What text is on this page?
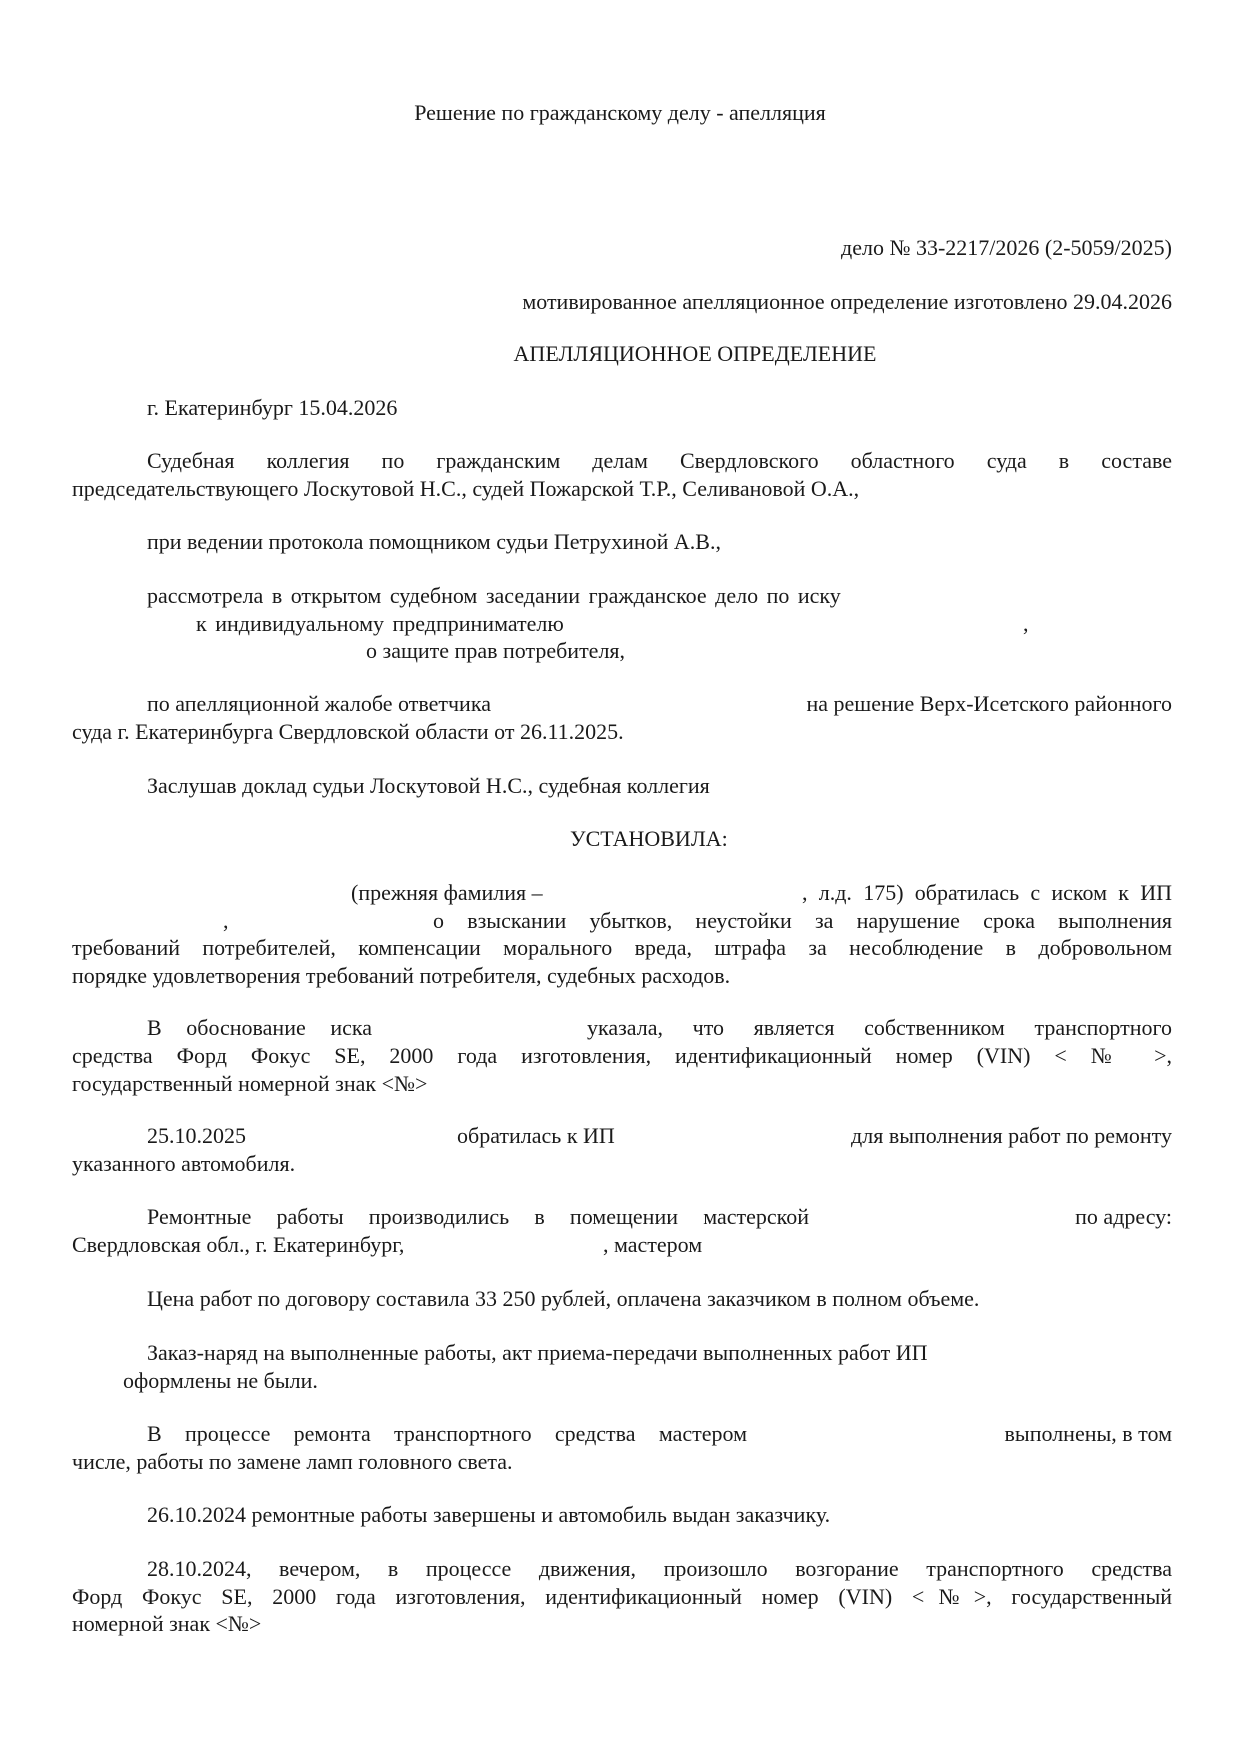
Решение по гражданскому делу - апелляция
дело № 33-2217/2026 (2-5059/2025)
мотивированное апелляционное определение изготовлено 29.04.2026
АПЕЛЛЯЦИОННОЕ ОПРЕДЕЛЕНИЕ
г. Екатеринбург 15.04.2026
Судебная коллегия по гражданским делам Свердловского областного суда в составе
председательствующего Лоскутовой Н.С., судей Пожарской Т.Р., Селивановой О.А.,
при ведении протокола помощником судьи Петрухиной А.В.,
рассмотрела в открытом судебном заседании гражданское дело по иску
к индивидуальному предпринимателю	,
о защите прав потребителя,
по апелляционной жалобе ответчика	на решение Верх-Исетского районного
суда г. Екатеринбурга Свердловской области от 26.11.2025.
Заслушав доклад судьи Лоскутовой Н.С., судебная коллегия
УСТАНОВИЛА:
(прежняя фамилия –	, л.д. 175) обратилась с иском к ИП
,	о взыскании убытков, неустойки за нарушение срока выполнения
требований потребителей, компенсации морального вреда, штрафа за несоблюдение в добровольном
порядке удовлетворения требований потребителя, судебных расходов.
В обоснование иска	указала, что является собственником транспортного
средства Форд Фокус SE, 2000 года изготовления, идентификационный номер (VIN) < № >,
государственный номерной знак <№>
25.10.2025	обратилась к ИП	для выполнения работ по ремонту
указанного автомобиля.
Ремонтные работы производились в помещении мастерской	по адресу:
Свердловская обл., г. Екатеринбург,	, мастером
Цена работ по договору составила 33 250 рублей, оплачена заказчиком в полном объеме.
Заказ-наряд на выполненные работы, акт приема-передачи выполненных работ ИП
оформлены не были.
В процессе ремонта транспортного средства мастером	выполнены, в том
числе, работы по замене ламп головного света.
26.10.2024 ремонтные работы завершены и автомобиль выдан заказчику.
28.10.2024, вечером, в процессе движения, произошло возгорание транспортного средства
Форд Фокус SE, 2000 года изготовления, идентификационный номер (VIN) <№>, государственный
номерной знак <№>
